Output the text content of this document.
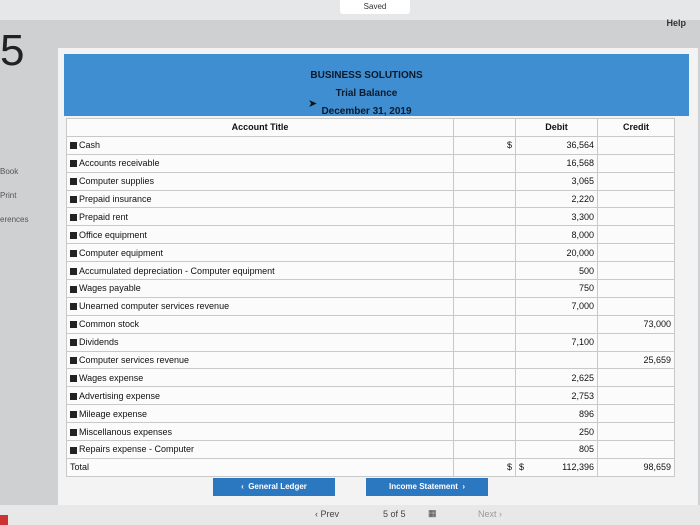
Saved
Help
5
Book
Print
erences
BUSINESS SOLUTIONS
Trial Balance
December 31, 2019
➤
Account Title		Debit	Credit
Cash	$	36,564	
Accounts receivable		16,568	
Computer supplies		3,065	
Prepaid insurance		2,220	
Prepaid rent		3,300	
Office equipment		8,000	
Computer equipment		20,000	
Accumulated depreciation - Computer equipment		500	
Wages payable		750	
Unearned computer services revenue		7,000	
Common stock			73,000
Dividends		7,100	
Computer services revenue			25,659
Wages expense		2,625	
Advertising expense		2,753	
Mileage expense		896	
Miscellanous expenses		250	
Repairs expense - Computer		805	
Total	$	$ 112,396	98,659
‹  General Ledger	Income Statement  ›
‹ Prev	5 of 5 ▦	Next ›
